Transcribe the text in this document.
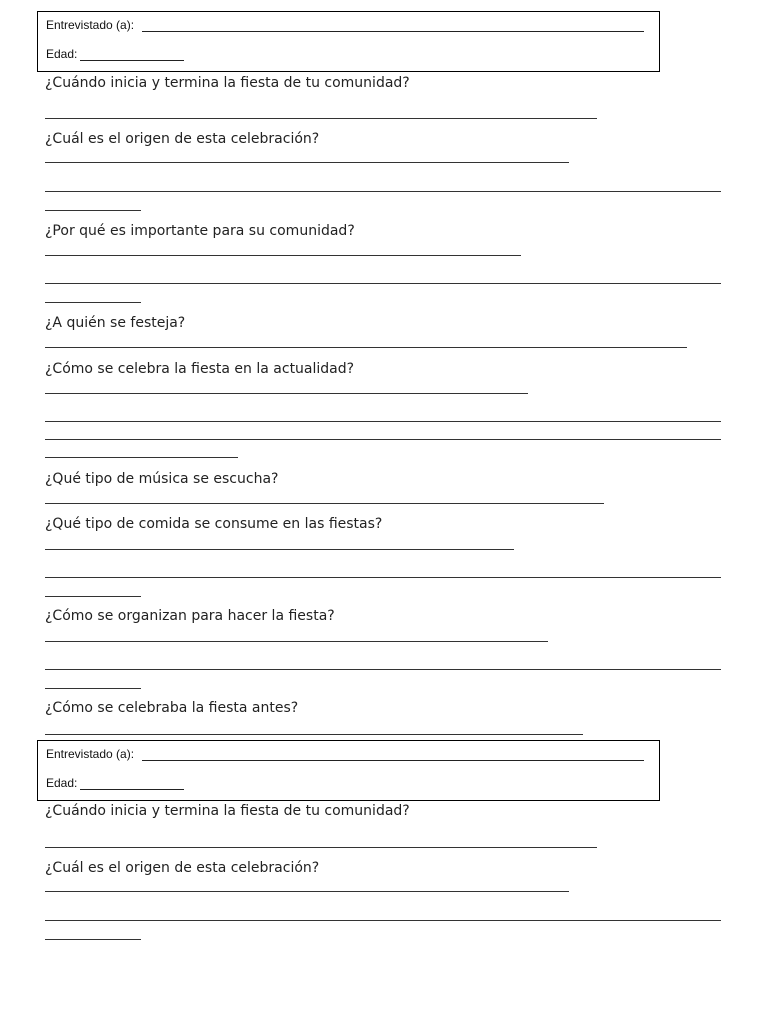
Entrevistado (a):
Edad:
¿Cuándo inicia y termina la fiesta de tu comunidad?
¿Cuál es el origen de esta celebración?
¿Por qué es importante para su comunidad?
¿A quién se festeja?
¿Cómo se celebra la fiesta en la actualidad?
¿Qué tipo de música se escucha?
¿Qué tipo de comida se consume en las fiestas?
¿Cómo se organizan para hacer la fiesta?
¿Cómo se celebraba la fiesta antes?
Entrevistado (a):
Edad:
¿Cuándo inicia y termina la fiesta de tu comunidad?
¿Cuál es el origen de esta celebración?
